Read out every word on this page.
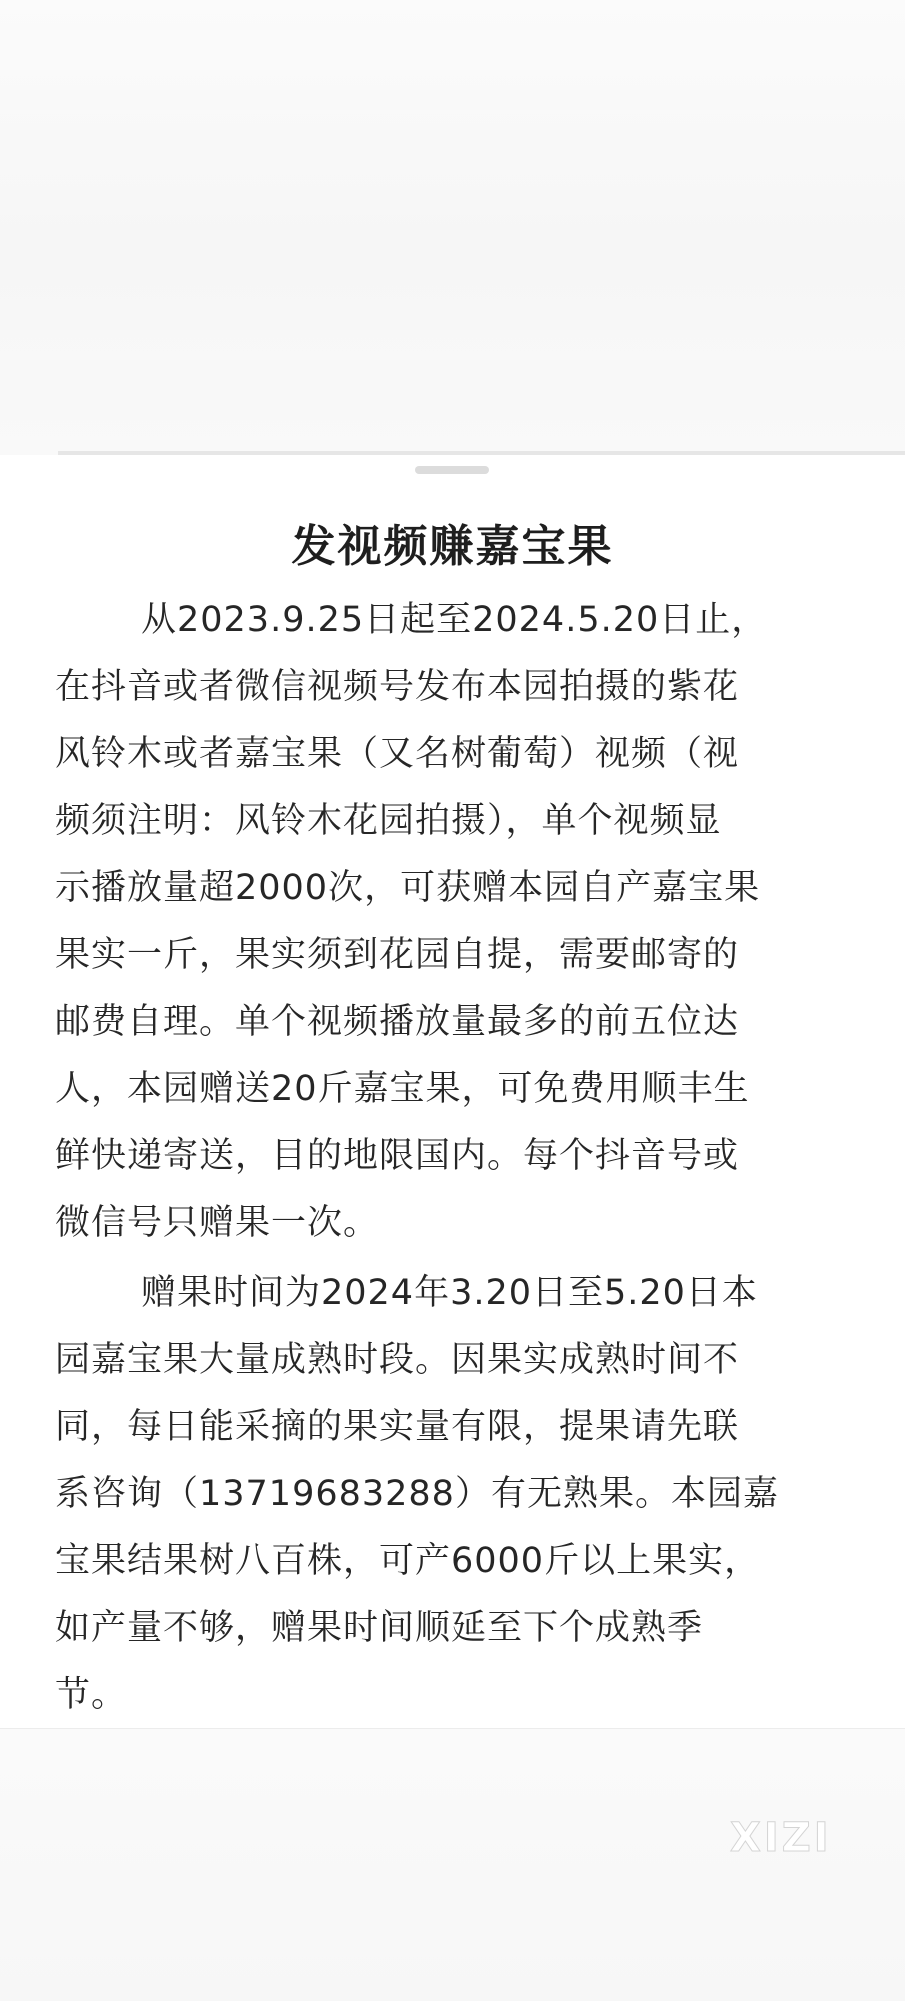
发视频赚嘉宝果
从2023.9.25日起至2024.5.20日止，
在抖音或者微信视频号发布本园拍摄的紫花
风铃木或者嘉宝果（又名树葡萄）视频（视
频须注明：风铃木花园拍摄），单个视频显
示播放量超2000次，可获赠本园自产嘉宝果
果实一斤，果实须到花园自提，需要邮寄的
邮费自理。单个视频播放量最多的前五位达
人，本园赠送20斤嘉宝果，可免费用顺丰生
鲜快递寄送，目的地限国内。每个抖音号或
微信号只赠果一次。
赠果时间为2024年3.20日至5.20日本
园嘉宝果大量成熟时段。因果实成熟时间不
同，每日能采摘的果实量有限，提果请先联
系咨询（13719683288）有无熟果。本园嘉
宝果结果树八百株，可产6000斤以上果实，
如产量不够，赠果时间顺延至下个成熟季
节。
XIZI
